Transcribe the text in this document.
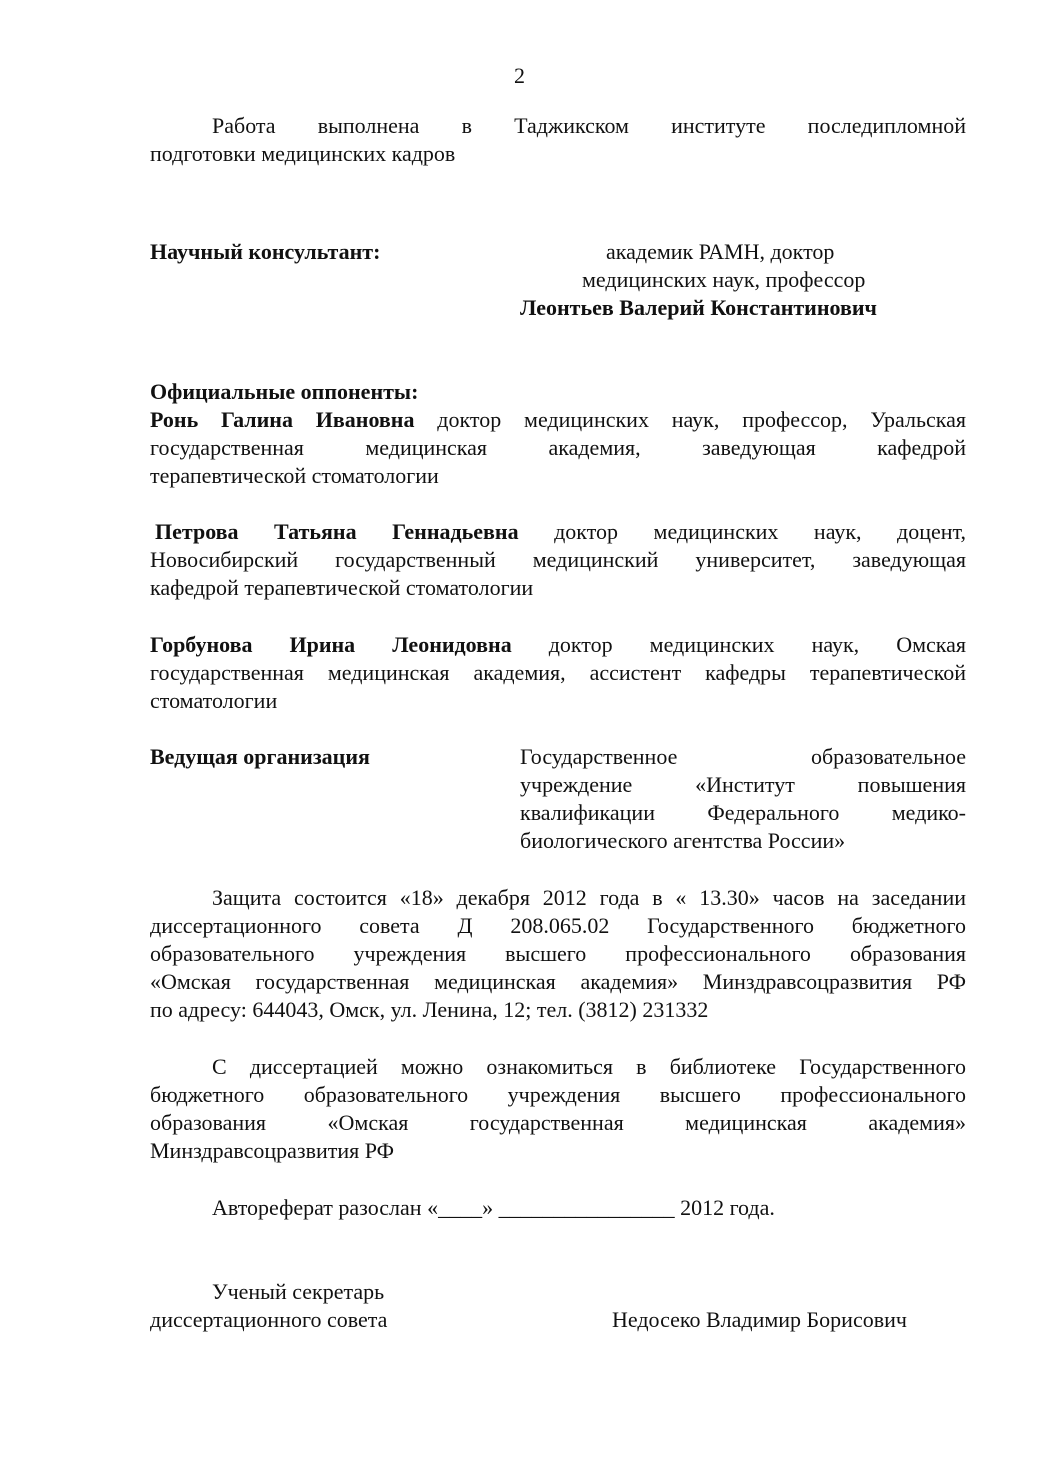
2
Работа выполнена в Таджикском институте последипломной
подготовки медицинских кадров
Научный консультант:	академик РАМН, доктор
медицинских наук, профессор
Леонтьев Валерий Константинович
Официальные оппоненты:
Ронь Галина Ивановна доктор медицинских наук, профессор, Уральская
государственная медицинская академия, заведующая кафедрой
терапевтической стоматологии
Петрова Татьяна Геннадьевна доктор медицинских наук, доцент,
Новосибирский государственный медицинский университет, заведующая
кафедрой терапевтической стоматологии
Горбунова Ирина Леонидовна доктор медицинских наук, Омская
государственная медицинская академия, ассистент кафедры терапевтической
стоматологии
Ведущая организация	Государственное образовательное
учреждение «Институт повышения
квалификации Федерального медико-
биологического агентства России»
Защита состоится «18» декабря 2012 года в « 13.30» часов на заседании
диссертационного совета Д 208.065.02 Государственного бюджетного
образовательного учреждения высшего профессионального образования
«Омская государственная медицинская академия» Минздравсоцразвития РФ
по адресу: 644043, Омск, ул. Ленина, 12; тел. (3812) 231332
С диссертацией можно ознакомиться в библиотеке Государственного
бюджетного образовательного учреждения высшего профессионального
образования «Омская государственная медицинская академия»
Минздравсоцразвития РФ
Автореферат разослан «____» ________________ 2012 года.
Ученый секретарь
диссертационного совета	Недосеко Владимир Борисович
